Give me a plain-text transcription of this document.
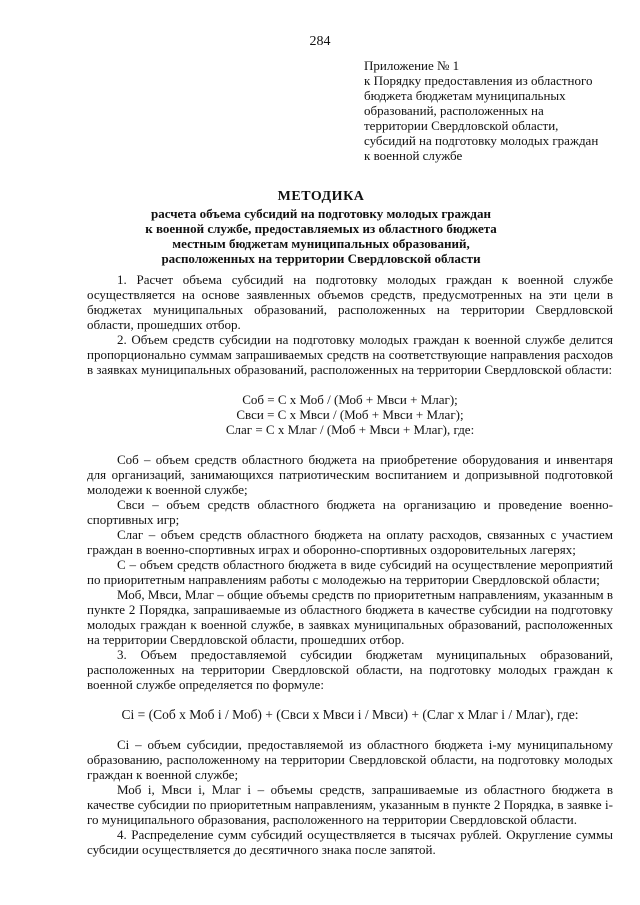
284
Приложение № 1
к Порядку предоставления из областного
бюджета бюджетам муниципальных
образований, расположенных на
территории Свердловской области,
субсидий на подготовку молодых граждан
к военной службе
МЕТОДИКА
расчета объема субсидий на подготовку молодых граждан
к военной службе, предоставляемых из областного бюджета
местным бюджетам муниципальных образований,
расположенных на территории Свердловской области

1. Расчет объема субсидий на подготовку молодых граждан к военной службе осуществляется на основе заявленных объемов средств, предусмотренных на эти цели в бюджетах муниципальных образований, расположенных на территории Свердловской области, прошедших отбор.

2. Объем средств субсидии на подготовку молодых граждан к военной службе делится пропорционально суммам запрашиваемых средств на соответствующие направления расходов в заявках муниципальных образований, расположенных на территории Свердловской области:

Соб = С х Моб / (Моб + Мвси + Млаг);

Свси = С х Мвси / (Моб + Мвси + Млаг);

Слаг = С х Млаг / (Моб + Мвси + Млаг), где:

Соб – объем средств областного бюджета на приобретение оборудования и инвентаря для организаций, занимающихся патриотическим воспитанием и допризывной подготовкой молодежи к военной службе;

Свси – объем средств областного бюджета на организацию и проведение военно-спортивных игр;

Слаг – объем средств областного бюджета на оплату расходов, связанных с участием граждан в военно-спортивных играх и оборонно-спортивных оздоровительных лагерях;

С – объем средств областного бюджета в виде субсидий на осуществление мероприятий по приоритетным направлениям работы с молодежью на территории Свердловской области;

Моб, Мвси, Млаг – общие объемы средств по приоритетным направлениям, указанным в пункте 2 Порядка, запрашиваемые из областного бюджета в качестве субсидии на подготовку молодых граждан к военной службе, в заявках муниципальных образований, расположенных на территории Свердловской области, прошедших отбор.

3. Объем предоставляемой субсидии бюджетам муниципальных образований, расположенных на территории Свердловской области, на подготовку молодых граждан к военной службе определяется по формуле:

Ci = (Соб х Моб i / Моб) + (Свси х Мвси i / Мвси) + (Слаг х Млаг i / Млаг), где:

Ci – объем субсидии, предоставляемой из областного бюджета i-му муниципальному образованию, расположенному на территории Свердловской области, на подготовку молодых граждан к военной службе;

Моб i, Мвси i, Млаг i – объемы средств, запрашиваемые из областного бюджета в качестве субсидии по приоритетным направлениям, указанным в пункте 2 Порядка, в заявке i-го муниципального образования, расположенного на территории Свердловской области.

4. Распределение сумм субсидий осуществляется в тысячах рублей. Округление суммы субсидии осуществляется до десятичного знака после запятой.
